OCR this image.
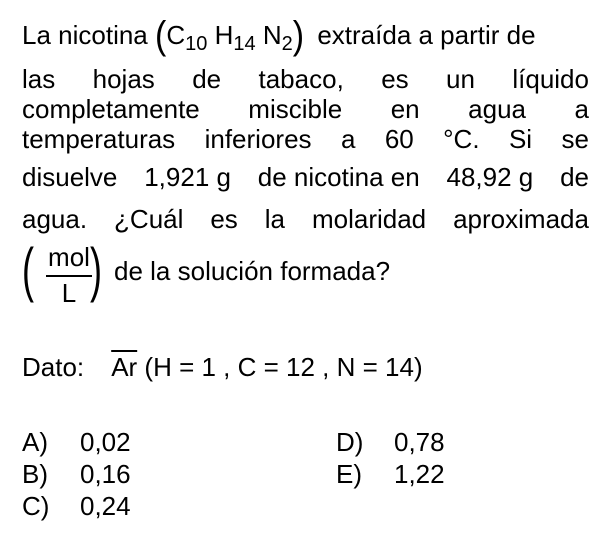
La nicotina ($C_{10}$ $H_{14}$ $N_2$) extraída a partir de
las hojas de tabaco, es un líquido
completamente miscible en agua a
temperaturas inferiores a 60 °C. Si se
disuelve 1,921 g de nicotina en 48,92 g de
agua. ¿Cuál es la molaridad aproximada
( mol
L ) de la solución formada?
Dato: $\overline{Ar}$ (H = 1 , C = 12 , N = 14)
A) 0,02
B) 0,16
C) 0,24
D) 0,78
E) 1,22
